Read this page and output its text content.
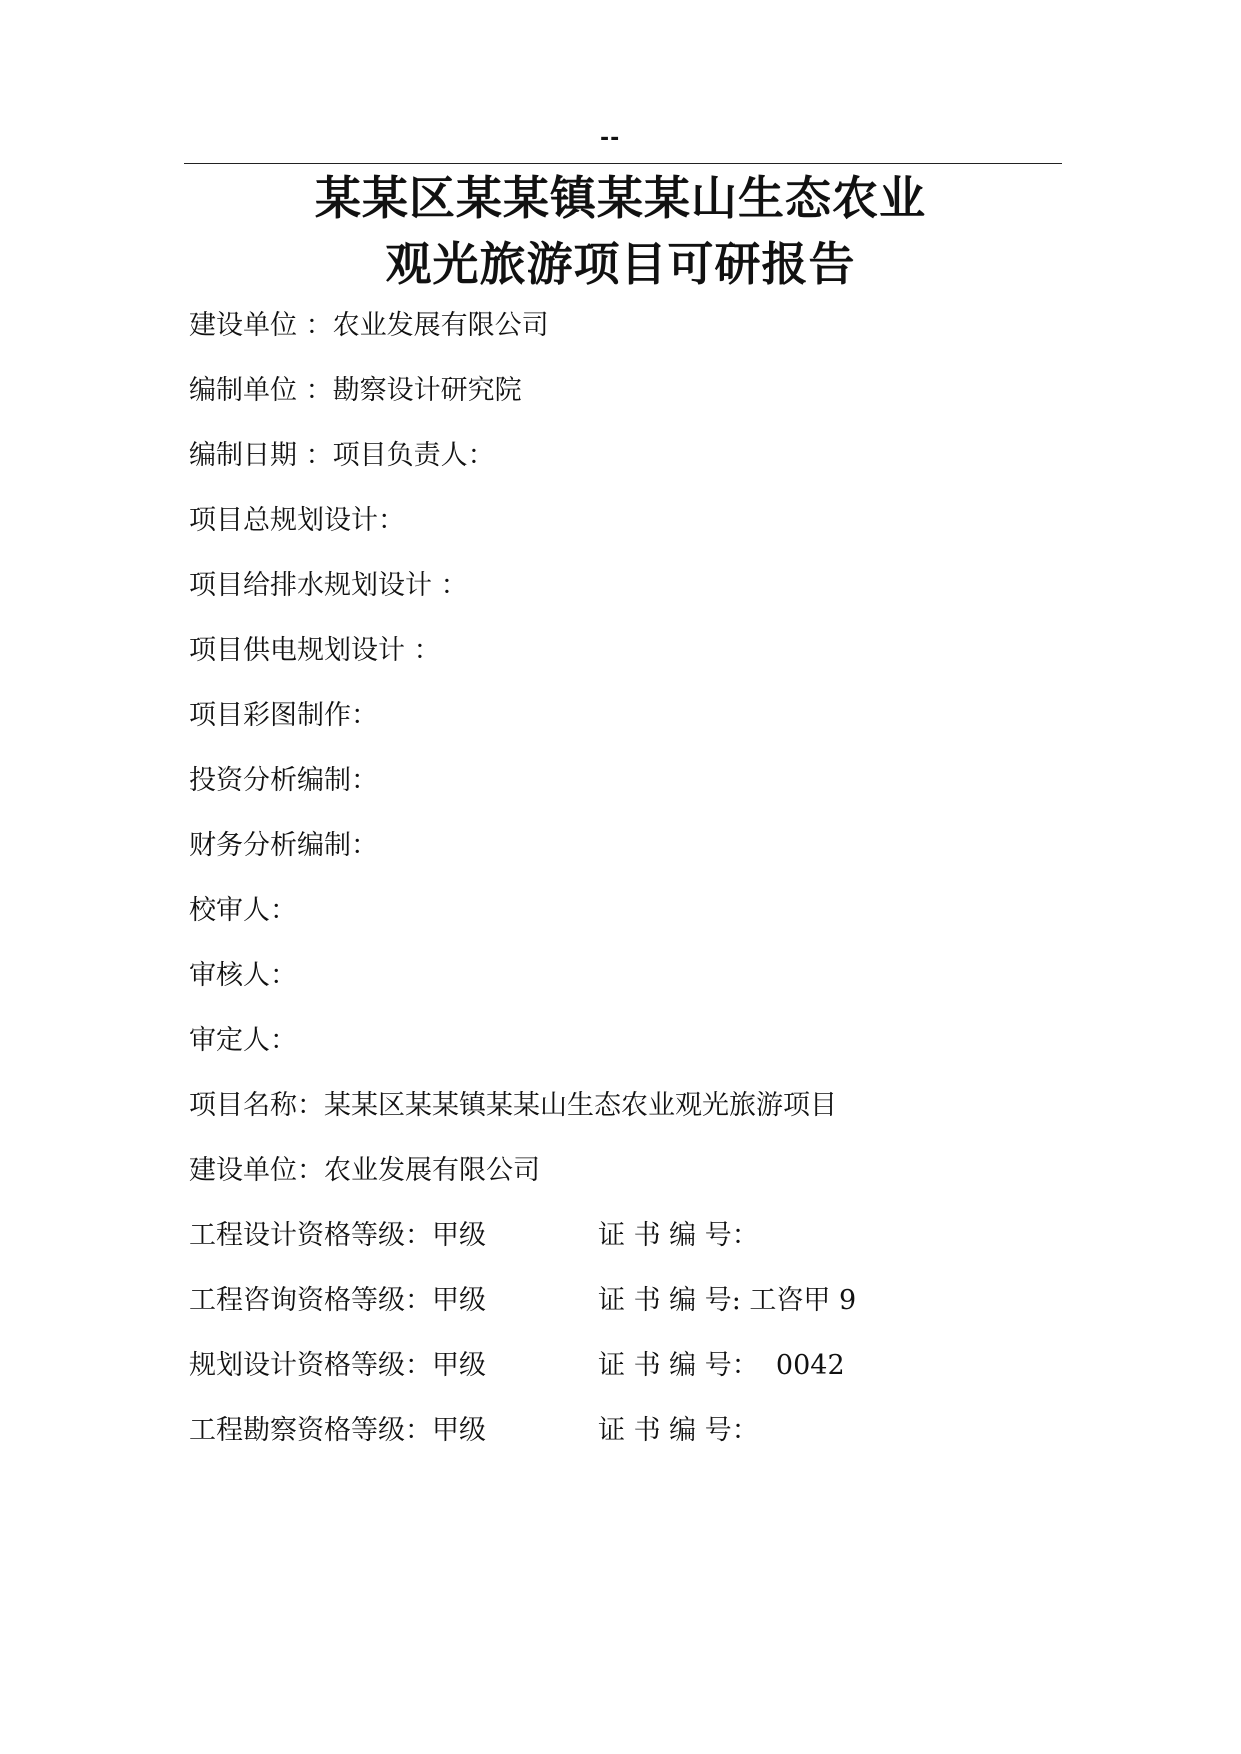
--
某某区某某镇某某山生态农业
观光旅游项目可研报告
建设单位 ：农业发展有限公司
编制单位 ：勘察设计研究院
编制日期 ：项目负责人：
项目总规划设计：
项目给排水规划设计 ：
项目供电规划设计 ：
项目彩图制作：
投资分析编制：
财务分析编制：
校审人：
审核人：
审定人：
项目名称：某某区某某镇某某山生态农业观光旅游项目
建设单位：农业发展有限公司
工程设计资格等级：甲级	证 书 编 号：
工程咨询资格等级：甲级	证 书 编 号: 工咨甲 9
规划设计资格等级：甲级	证 书 编 号：  0042
工程勘察资格等级：甲级	证 书 编 号：
